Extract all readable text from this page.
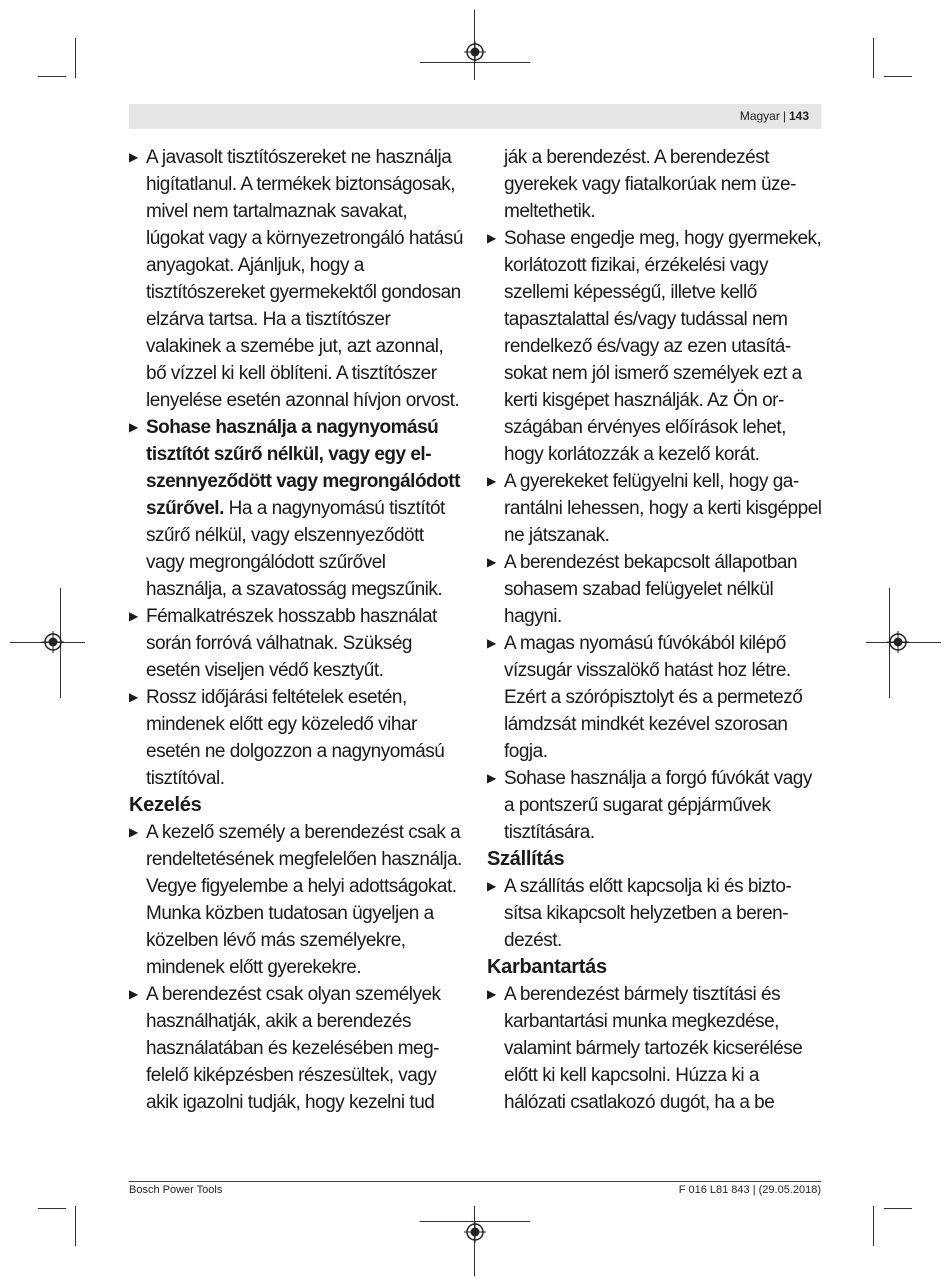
Magyar | 143

▶ A javasolt tisztítószereket ne használja higítatlanul. A termékek biztonságosak, mivel nem tartalmaznak savakat, lúgokat vagy a környezetrongáló hatású anyagokat. Ajánljuk, hogy a tisztítószereket gyermekektől gondosan elzárva tartsa. Ha a tisztítószer valakinek a szemébe jut, azt azonnal, bő vízzel ki kell öblíteni. A tisztítószer lenyelése esetén azonnal hívjon orvost.

▶ Sohase használja a nagynyomású tisztítót szűrő nélkül, vagy egy elszennyeződött vagy megrongálódott szűrővel. Ha a nagynyomású tisztítót szűrő nélkül, vagy elszennyeződött vagy megrongálódott szűrővel használja, a szavatosság megszűnik.

▶ Fémalkatrészek hosszabb használat során forróvá válhatnak. Szükség esetén viseljen védő kesztyűt.

▶ Rossz időjárási feltételek esetén, mindenek előtt egy közeledő vihar esetén ne dolgozzon a nagynyomású tisztítóval.

Kezelés

▶ A kezelő személy a berendezést csak a rendeltetésének megfelelően használja. Vegye figyelembe a helyi adottságokat. Munka közben tudatosan ügyeljen a közelben lévő más személyekre, mindenek előtt gyerekekre.

▶ A berendezést csak olyan személyek használhatják, akik a berendezés használatában és kezelésében megfelelő kiképzésben részesültek, vagy akik igazolni tudják, hogy kezelni tud

ják a berendezést. A berendezést gyerekek vagy fiatalkorúak nem üzemeltethetik.

▶ Sohase engedje meg, hogy gyermekek, korlátozott fizikai, érzékelési vagy szellemi képességű, illetve kellő tapasztalattal és/vagy tudással nem rendelkező és/vagy az ezen utasításokat nem jól ismerő személyek ezt a kerti kisgépet használják. Az Ön országában érvényes előírások lehet, hogy korlátozzák a kezelő korát.

▶ A gyerekeket felügyelni kell, hogy garantálni lehessen, hogy a kerti kisgéppel ne játszanak.

▶ A berendezést bekapcsolt állapotban sohasem szabad felügyelet nélkül hagyni.

▶ A magas nyomású fúvókából kilépő vízsugár visszalökő hatást hoz létre. Ezért a szórópisztolyt és a permetező lámdzsát mindkét kezével szorosan fogja.

▶ Sohase használja a forgó fúvókát vagy a pontszerű sugarat gépjárművek tisztítására.

Szállítás

▶ A szállítás előtt kapcsolja ki és biztosítsa kikapcsolt helyzetben a berendezést.

Karbantartás

▶ A berendezést bármely tisztítási és karbantartási munka megkezdése, valamint bármely tartozék kicserélése előtt ki kell kapcsolni. Húzza ki a hálózati csatlakozó dugót, ha a be

Bosch Power Tools	F 016 L81 843 | (29.05.2018)
